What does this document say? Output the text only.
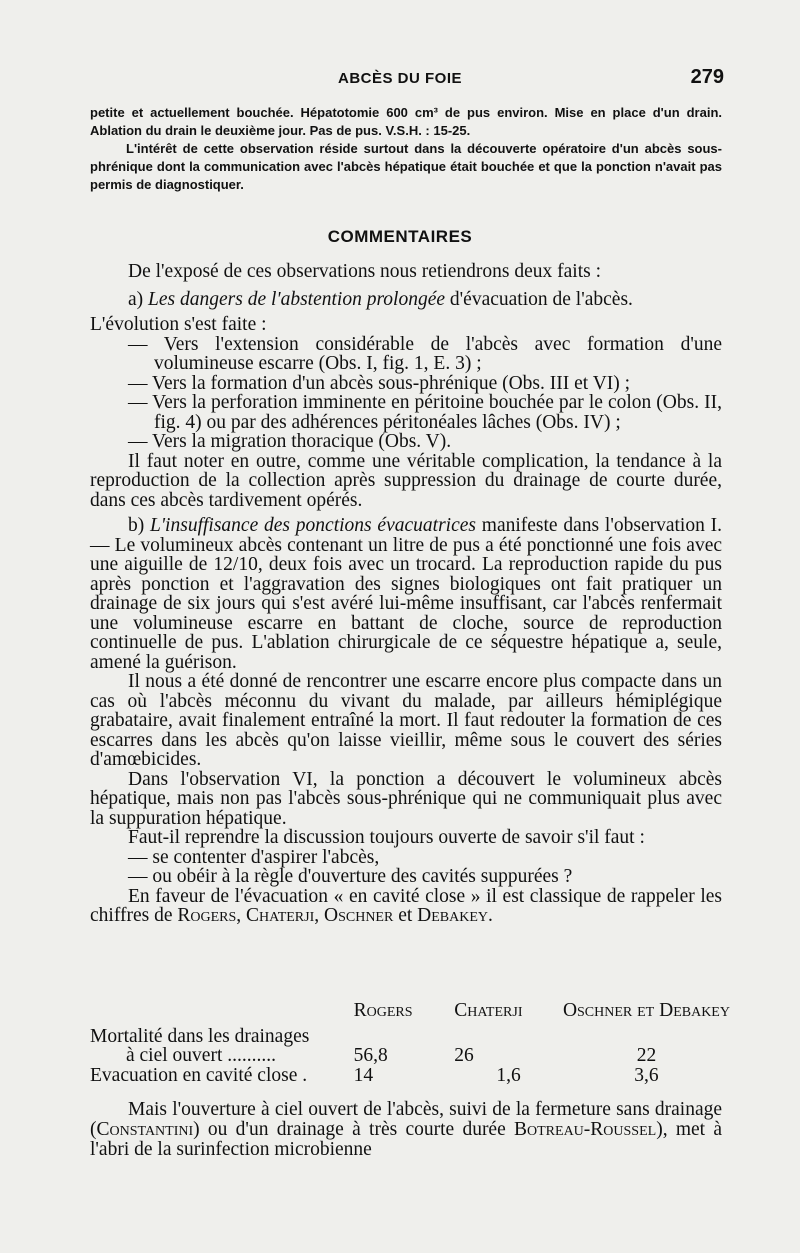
ABCÈS DU FOIE	279

petite et actuellement bouchée. Hépatotomie 600 cm³ de pus environ. Mise en place d'un drain. Ablation du drain le deuxième jour. Pas de pus. V.S.H. : 15-25.

L'intérêt de cette observation réside surtout dans la découverte opératoire d'un abcès sous-phrénique dont la communication avec l'abcès hépatique était bouchée et que la ponction n'avait pas permis de diagnostiquer.

COMMENTAIRES

De l'exposé de ces observations nous retiendrons deux faits :

a) Les dangers de l'abstention prolongée d'évacuation de l'abcès.

L'évolution s'est faite :

— Vers l'extension considérable de l'abcès avec formation d'une volumineuse escarre (Obs. I, fig. 1, E. 3) ;

— Vers la formation d'un abcès sous-phrénique (Obs. III et VI) ;

— Vers la perforation imminente en péritoine bouchée par le colon (Obs. II, fig. 4) ou par des adhérences péritonéales lâches (Obs. IV) ;

— Vers la migration thoracique (Obs. V).

Il faut noter en outre, comme une véritable complication, la tendance à la reproduction de la collection après suppression du drainage de courte durée, dans ces abcès tardivement opérés.

b) L'insuffisance des ponctions évacuatrices manifeste dans l'observation I. — Le volumineux abcès contenant un litre de pus a été ponctionné une fois avec une aiguille de 12/10, deux fois avec un trocard. La reproduction rapide du pus après ponction et l'aggravation des signes biologiques ont fait pratiquer un drainage de six jours qui s'est avéré lui-même insuffisant, car l'abcès renfermait une volumineuse escarre en battant de cloche, source de reproduction continuelle de pus. L'ablation chirurgicale de ce séquestre hépatique a, seule, amené la guérison.

Il nous a été donné de rencontrer une escarre encore plus compacte dans un cas où l'abcès méconnu du vivant du malade, par ailleurs hémiplégique grabataire, avait finalement entraîné la mort. Il faut redouter la formation de ces escarres dans les abcès qu'on laisse vieillir, même sous le couvert des séries d'amœbicides.

Dans l'observation VI, la ponction a découvert le volumineux abcès hépatique, mais non pas l'abcès sous-phrénique qui ne communiquait plus avec la suppuration hépatique.

Faut-il reprendre la discussion toujours ouverte de savoir s'il faut :

— se contenter d'aspirer l'abcès,

— ou obéir à la règle d'ouverture des cavités suppurées ?

En faveur de l'évacuation « en cavité close » il est classique de rappeler les chiffres de Rogers, Chaterji, Oschner et Debakey.

	Rogers	Chaterji	Oschner et Debakey
Mortalité dans les drainages			
à ciel ouvert ..........	56,8	26	22
Evacuation en cavité close .	14	1,6	3,6

Mais l'ouverture à ciel ouvert de l'abcès, suivi de la fermeture sans drainage (Constantini) ou d'un drainage à très courte durée Botreau-Roussel), met à l'abri de la surinfection microbienne
